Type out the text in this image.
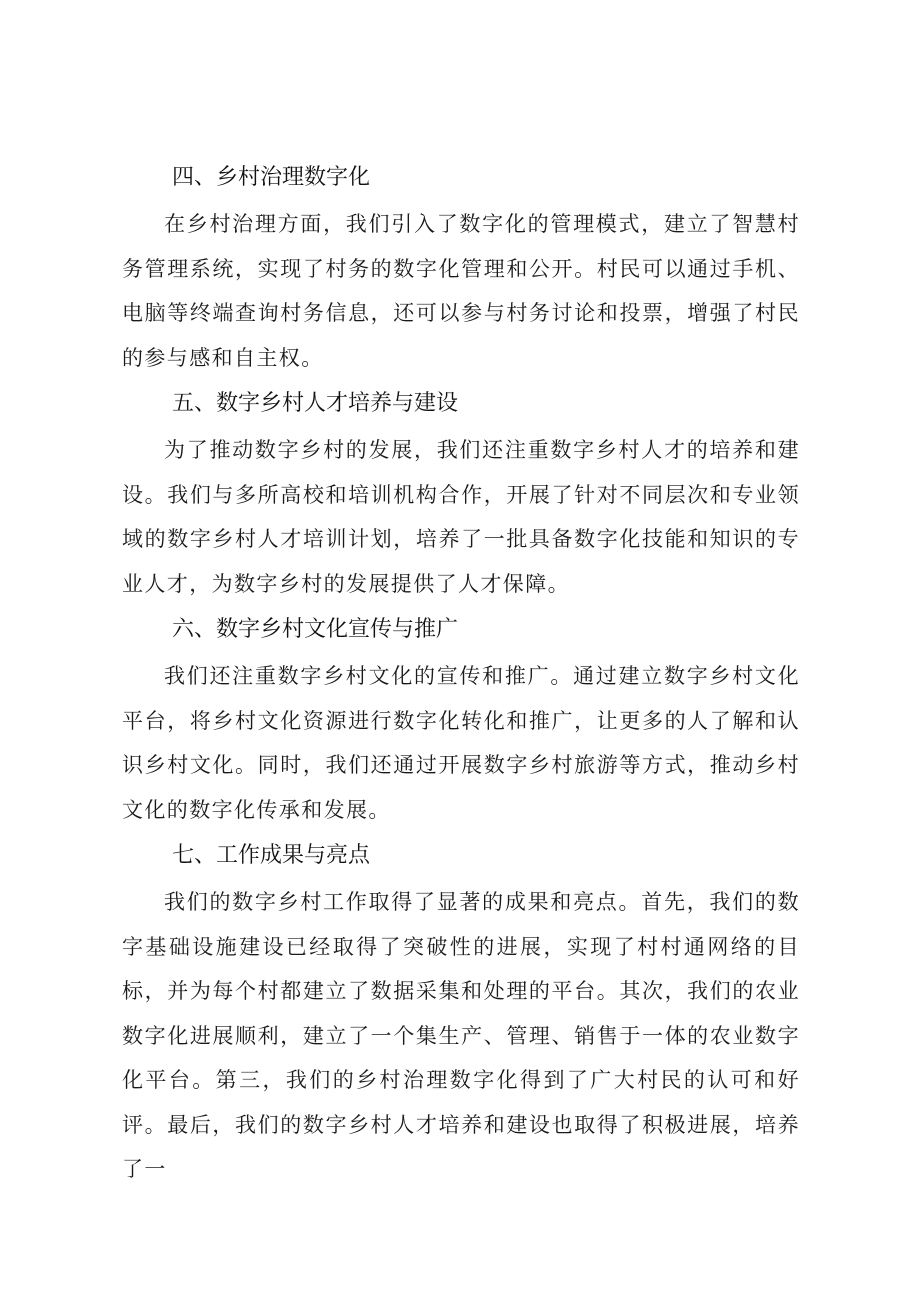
四、乡村治理数字化

在乡村治理方面，我们引入了数字化的管理模式，建立了智慧村务管理系统，实现了村务的数字化管理和公开。村民可以通过手机、电脑等终端查询村务信息，还可以参与村务讨论和投票，增强了村民的参与感和自主权。

五、数字乡村人才培养与建设

为了推动数字乡村的发展，我们还注重数字乡村人才的培养和建设。我们与多所高校和培训机构合作，开展了针对不同层次和专业领域的数字乡村人才培训计划，培养了一批具备数字化技能和知识的专业人才，为数字乡村的发展提供了人才保障。

六、数字乡村文化宣传与推广

我们还注重数字乡村文化的宣传和推广。通过建立数字乡村文化平台，将乡村文化资源进行数字化转化和推广，让更多的人了解和认识乡村文化。同时，我们还通过开展数字乡村旅游等方式，推动乡村文化的数字化传承和发展。

七、工作成果与亮点

我们的数字乡村工作取得了显著的成果和亮点。首先，我们的数字基础设施建设已经取得了突破性的进展，实现了村村通网络的目标，并为每个村都建立了数据采集和处理的平台。其次，我们的农业数字化进展顺利，建立了一个集生产、管理、销售于一体的农业数字化平台。第三，我们的乡村治理数字化得到了广大村民的认可和好评。最后，我们的数字乡村人才培养和建设也取得了积极进展，培养了一
